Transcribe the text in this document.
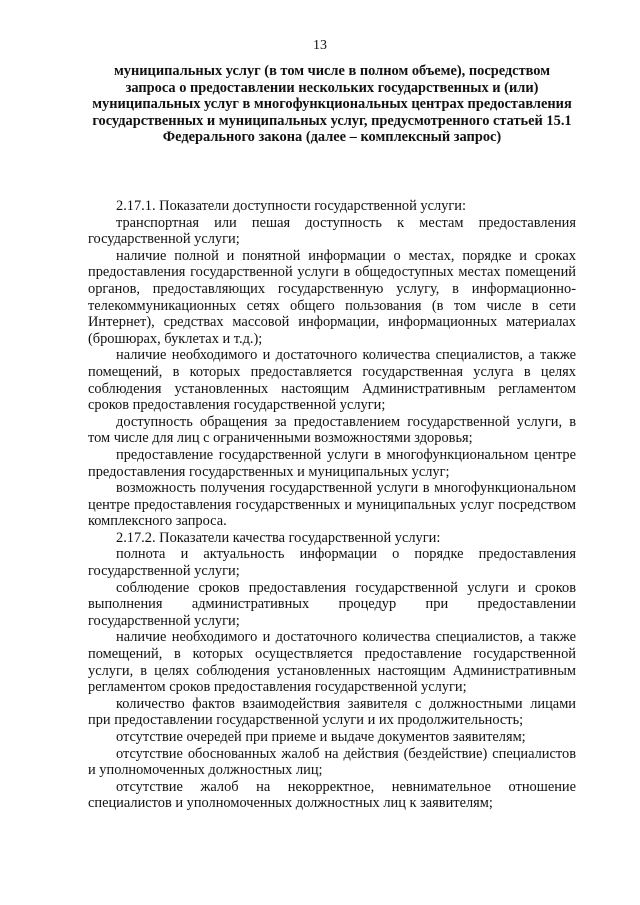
13
муниципальных услуг (в том числе в полном объеме), посредством запроса о предоставлении нескольких государственных и (или) муниципальных услуг в многофункциональных центрах предоставления государственных и муниципальных услуг, предусмотренного статьей 15.1 Федерального закона (далее – комплексный запрос)

2.17.1. Показатели доступности государственной услуги:

транспортная или пешая доступность к местам предоставления государственной услуги;

наличие полной и понятной информации о местах, порядке и сроках предоставления государственной услуги в общедоступных местах помещений органов, предоставляющих государственную услугу, в информационно-телекоммуникационных сетях общего пользования (в том числе в сети Интернет), средствах массовой информации, информационных материалах (брошюрах, буклетах и т.д.);

наличие необходимого и достаточного количества специалистов, а также помещений, в которых предоставляется государственная услуга в целях соблюдения установленных настоящим Административным регламентом сроков предоставления государственной услуги;

доступность обращения за предоставлением государственной услуги, в том числе для лиц с ограниченными возможностями здоровья;

предоставление государственной услуги в многофункциональном центре предоставления государственных и муниципальных услуг;

возможность получения государственной услуги в многофункциональном центре предоставления государственных и муниципальных услуг посредством комплексного запроса.

2.17.2. Показатели качества государственной услуги:

полнота и актуальность информации о порядке предоставления государственной услуги;

соблюдение сроков предоставления государственной услуги и сроков выполнения административных процедур при предоставлении государственной услуги;

наличие необходимого и достаточного количества специалистов, а также помещений, в которых осуществляется предоставление государственной услуги, в целях соблюдения установленных настоящим Административным регламентом сроков предоставления государственной услуги;

количество фактов взаимодействия заявителя с должностными лицами при предоставлении государственной услуги и их продолжительность;

отсутствие очередей при приеме и выдаче документов заявителям;

отсутствие обоснованных жалоб на действия (бездействие) специалистов и уполномоченных должностных лиц;

отсутствие жалоб на некорректное, невнимательное отношение специалистов и уполномоченных должностных лиц к заявителям;
